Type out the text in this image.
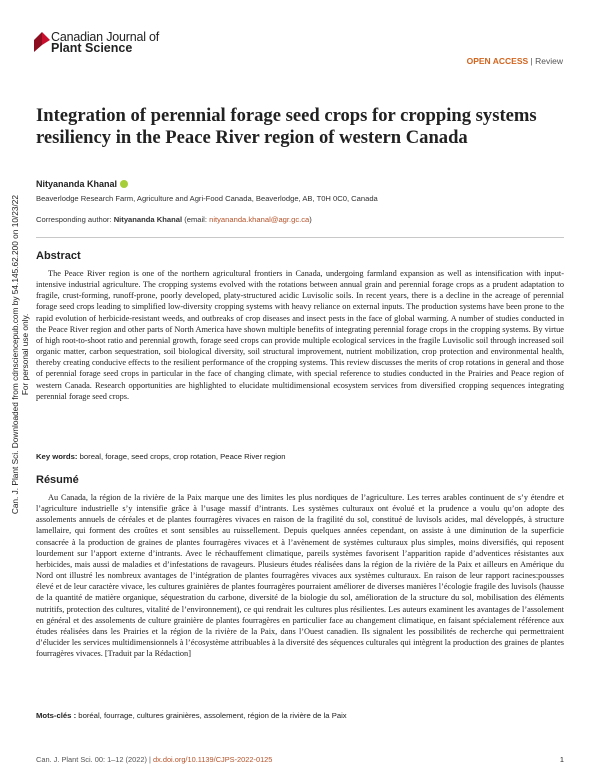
Can. J. Plant Sci. Downloaded from cdnsciencepub.com by 54.145.62.200 on 10/23/22 For personal use only.
Canadian Journal of
Plant Science
OPEN ACCESS | Review
Integration of perennial forage seed crops for cropping systems resiliency in the Peace River region of western Canada
Nityananda Khanal
Beaverlodge Research Farm, Agriculture and Agri-Food Canada, Beaverlodge, AB, T0H 0C0, Canada
Corresponding author: Nityananda Khanal (email: nityananda.khanal@agr.gc.ca)
Abstract

The Peace River region is one of the northern agricultural frontiers in Canada, undergoing farmland expansion as well as intensification with input-intensive industrial agriculture. The cropping systems evolved with the rotations between annual grain and perennial forage crops as a prudent adaptation to fragile, crust-forming, runoff-prone, poorly developed, platy-structured acidic Luvisolic soils. In recent years, there is a decline in the acreage of perennial forage seed crops leading to simplified low-diversity cropping systems with heavy reliance on external inputs. The production systems have been prone to the rapid evolution of herbicide-resistant weeds, and outbreaks of crop diseases and insect pests in the face of global warming. A number of studies conducted in the Peace River region and other parts of North America have shown multiple benefits of integrating perennial forage crops in the cropping systems. By virtue of high root-to-shoot ratio and perennial growth, forage seed crops can provide multiple ecological services in the fragile Luvisolic soil through increased soil organic matter, carbon sequestration, soil biological diversity, soil structural improvement, nutrient mobilization, crop protection and environmental health, thereby creating conducive effects to the resilient performance of the cropping systems. This review discusses the merits of crop rotations in general and those of perennial forage seed crops in particular in the face of changing climate, with special reference to studies conducted in the Prairies and Peace region of western Canada. Research opportunities are highlighted to elucidate multidimensional ecosystem services from diversified cropping sequences integrating perennial forage seed crops.

Key words: boreal, forage, seed crops, crop rotation, Peace River region
Résumé

Au Canada, la région de la rivière de la Paix marque une des limites les plus nordiques de l’agriculture. Les terres arables continuent de s’y étendre et l’agriculture industrielle s’y intensifie grâce à l’usage massif d’intrants. Les systèmes culturaux ont évolué et la prudence a voulu qu’on adopte des assolements annuels de céréales et de plantes fourragères vivaces en raison de la fragilité du sol, constitué de luvisols acides, mal développés, à structure lamellaire, qui forment des croûtes et sont sensibles au ruissellement. Depuis quelques années cependant, on assiste à une diminution de la superficie consacrée à la production de graines de plantes fourragères vivaces et à l’avènement de systèmes culturaux plus simples, moins diversifiés, qui reposent lourdement sur l’apport externe d’intrants. Avec le réchauffement climatique, pareils systèmes favorisent l’apparition rapide d’adventices résistantes aux herbicides, mais aussi de maladies et d’infestations de ravageurs. Plusieurs études réalisées dans la région de la rivière de la Paix et ailleurs en Amérique du Nord ont illustré les nombreux avantages de l’intégration de plantes fourragères vivaces aux systèmes culturaux. En raison de leur rapport racines:pousses élevé et de leur caractère vivace, les cultures grainières de plantes fourragères pourraient améliorer de diverses manières l’écologie fragile des luvisols (hausse de la quantité de matière organique, séquestration du carbone, diversité de la biologie du sol, amélioration de la structure du sol, mobilisation des éléments nutritifs, protection des cultures, vitalité de l’environnement), ce qui rendrait les cultures plus résilientes. Les auteurs examinent les avantages de l’assolement en général et des assolements de culture grainière de plantes fourragères en particulier face au changement climatique, en faisant spécialement référence aux études réalisées dans les Prairies et la région de la rivière de la Paix, dans l’Ouest canadien. Ils signalent les possibilités de recherche qui permettraient d’élucider les services multidimensionnels à l’écosystème attribuables à la diversité des séquences culturales qui intègrent la production des graines de plantes fourragères vivaces. [Traduit par la Rédaction]

Mots-clés : boréal, fourrage, cultures grainières, assolement, région de la rivière de la Paix
Can. J. Plant Sci. 00: 1–12 (2022) | dx.doi.org/10.1139/CJPS-2022-0125	1
